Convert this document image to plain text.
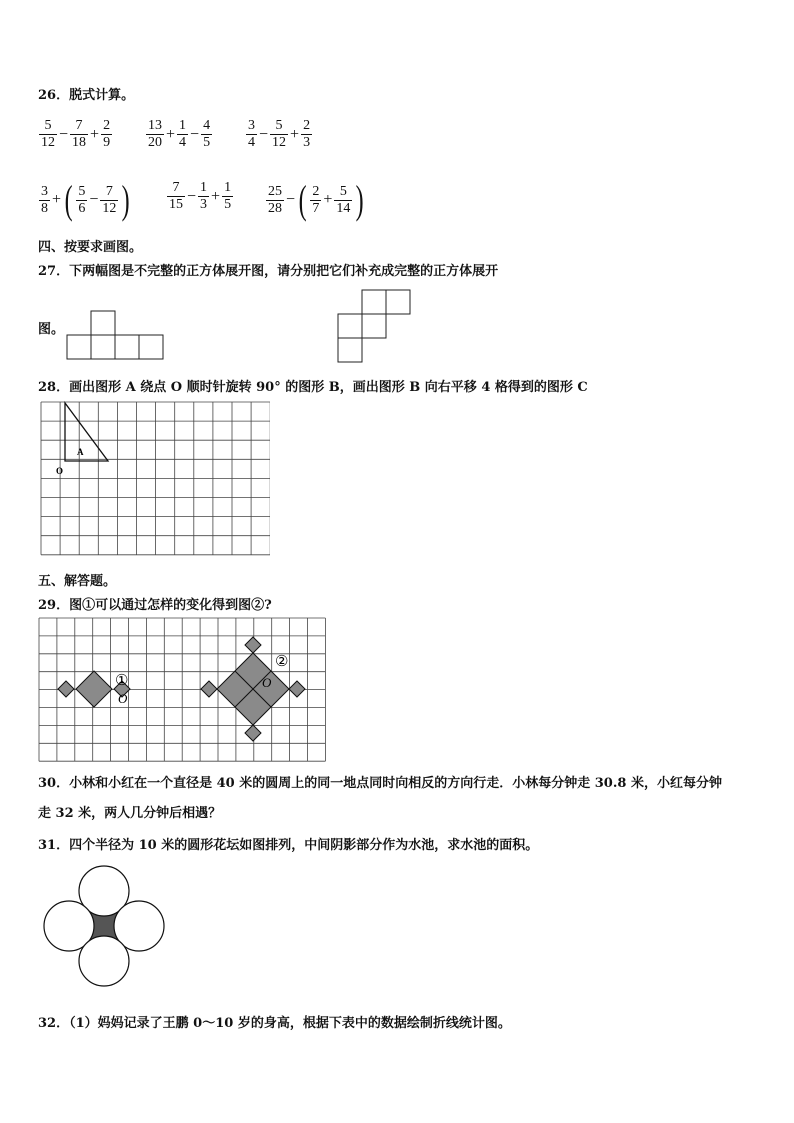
26．脱式计算。
$\frac{5}{12} - \frac{7}{18} + \frac{2}{9} \frac{13}{20} + \frac{1}{4} - \frac{4}{5} \frac{3}{4} - \frac{5}{12} + \frac{2}{3}$
$\frac{3}{8}$ + ( $\frac{5}{6} - \frac{7}{12}$ )	$\frac{7}{15} - \frac{1}{3} + \frac{1}{5} \frac{25}{28}$ − ( $\frac{2}{7} + \frac{5}{14}$ )
四、按要求画图。
27．下两幅图是不完整的正方体展开图，请分别把它们补充成完整的正方体展开
图。
28．画出图形 A 绕点 O 顺时针旋转 90° 的图形 B，画出图形 B 向右平移 4 格得到的图形 C
A
O
五、解答题。
29．图①可以通过怎样的变化得到图②?
①
O
②
O
30．小林和小红在一个直径是 40 米的圆周上的同一地点同时向相反的方向行走．小林每分钟走 30.8 米，小红每分钟
走 32 米，两人几分钟后相遇？
31．四个半径为 10 米的圆形花坛如图排列，中间阴影部分作为水池，求水池的面积。
32．（1）妈妈记录了王鹏 0～10 岁的身高，根据下表中的数据绘制折线统计图。
